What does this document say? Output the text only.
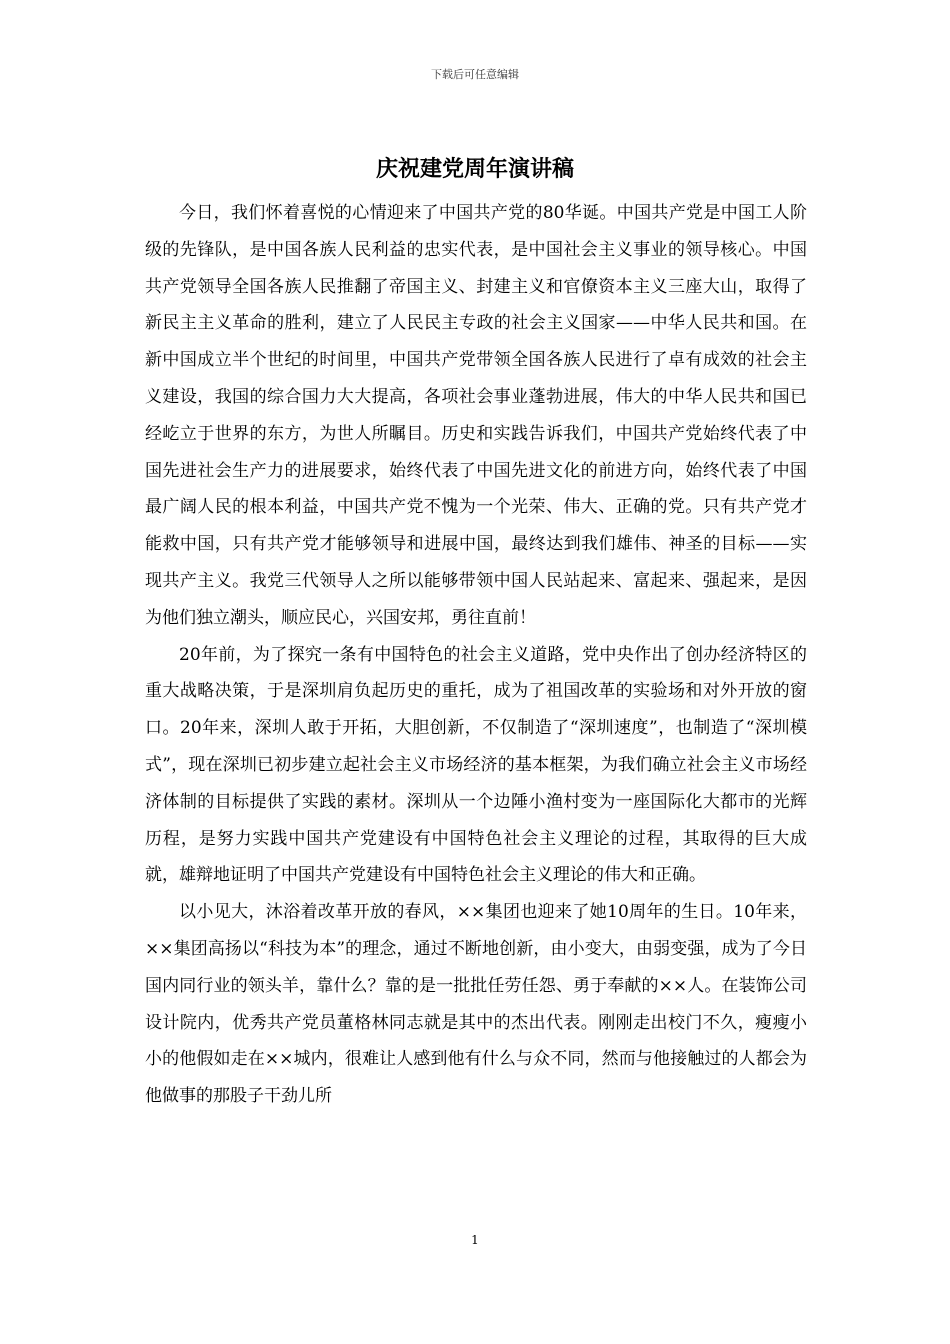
下载后可任意编辑
庆祝建党周年演讲稿

今日，我们怀着喜悦的心情迎来了中国共产党的80华诞。中国共产党是中国工人阶级的先锋队，是中国各族人民利益的忠实代表，是中国社会主义事业的领导核心。中国共产党领导全国各族人民推翻了帝国主义、封建主义和官僚资本主义三座大山，取得了新民主主义革命的胜利，建立了人民民主专政的社会主义国家——中华人民共和国。在新中国成立半个世纪的时间里，中国共产党带领全国各族人民进行了卓有成效的社会主义建设，我国的综合国力大大提高，各项社会事业蓬勃进展，伟大的中华人民共和国已经屹立于世界的东方，为世人所瞩目。历史和实践告诉我们，中国共产党始终代表了中国先进社会生产力的进展要求，始终代表了中国先进文化的前进方向，始终代表了中国最广阔人民的根本利益，中国共产党不愧为一个光荣、伟大、正确的党。只有共产党才能救中国，只有共产党才能够领导和进展中国，最终达到我们雄伟、神圣的目标——实现共产主义。我党三代领导人之所以能够带领中国人民站起来、富起来、强起来，是因为他们独立潮头，顺应民心，兴国安邦，勇往直前！

20年前，为了探究一条有中国特色的社会主义道路，党中央作出了创办经济特区的重大战略决策，于是深圳肩负起历史的重托，成为了祖国改革的实验场和对外开放的窗口。20年来，深圳人敢于开拓，大胆创新，不仅制造了“深圳速度”，也制造了“深圳模式”，现在深圳已初步建立起社会主义市场经济的基本框架，为我们确立社会主义市场经济体制的目标提供了实践的素材。深圳从一个边陲小渔村变为一座国际化大都市的光辉历程，是努力实践中国共产党建设有中国特色社会主义理论的过程，其取得的巨大成就，雄辩地证明了中国共产党建设有中国特色社会主义理论的伟大和正确。

以小见大，沐浴着改革开放的春风，××集团也迎来了她10周年的生日。10年来，××集团高扬以“科技为本”的理念，通过不断地创新，由小变大，由弱变强，成为了今日国内同行业的领头羊，靠什么？靠的是一批批任劳任怨、勇于奉献的××人。在装饰公司设计院内，优秀共产党员董格林同志就是其中的杰出代表。刚刚走出校门不久，瘦瘦小小的他假如走在××城内，很难让人感到他有什么与众不同，然而与他接触过的人都会为他做事的那股子干劲儿所

1
